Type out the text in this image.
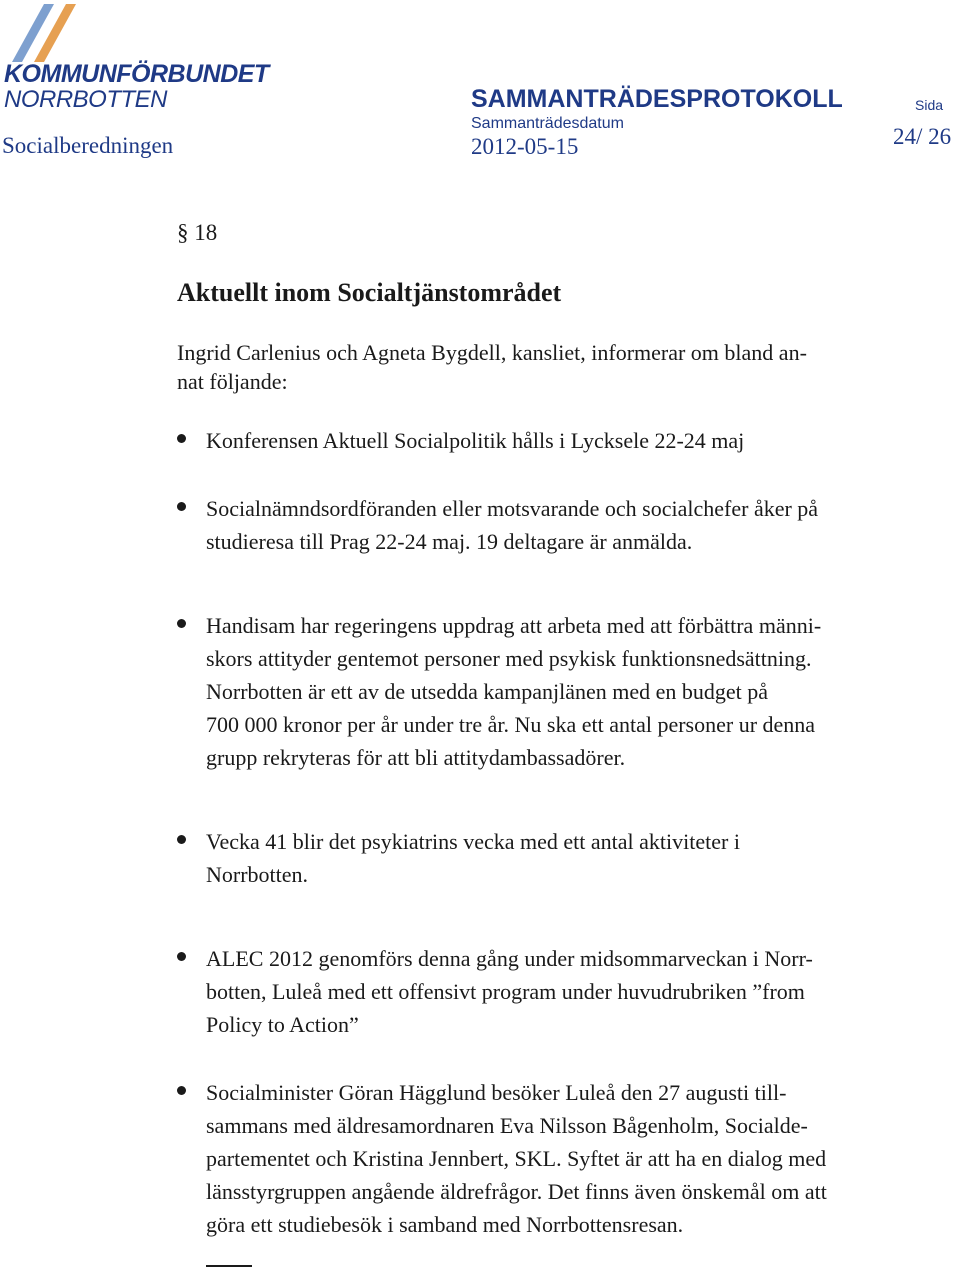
KOMMUNFÖRBUNDET
NORRBOTTEN	SAMMANTRÄDESPROTOKOLL	Sida
Sammanträdesdatum
Socialberedningen	2012-05-15	24/ 26
§ 18
Aktuellt inom Socialtjänstområdet
Ingrid Carlenius och Agneta Bygdell, kansliet, informerar om bland an-
nat följande:
Konferensen Aktuell Socialpolitik hålls i Lycksele 22-24 maj
Socialnämndsordföranden eller motsvarande och socialchefer åker på
studieresa till Prag 22-24 maj. 19 deltagare är anmälda.
Handisam har regeringens uppdrag att arbeta med att förbättra männi-
skors attityder gentemot personer med psykisk funktionsnedsättning.
Norrbotten är ett av de utsedda kampanjlänen med en budget på
700 000 kronor per år under tre år. Nu ska ett antal personer ur denna
grupp rekryteras för att bli attitydambassadörer.
Vecka 41 blir det psykiatrins vecka med ett antal aktiviteter i
Norrbotten.
ALEC 2012 genomförs denna gång under midsommarveckan i Norr-
botten, Luleå med ett offensivt program under huvudrubriken ”from
Policy to Action”
Socialminister Göran Hägglund besöker Luleå den 27 augusti till-
sammans med äldresamordnaren Eva Nilsson Bågenholm, Socialde-
partementet och Kristina Jennbert, SKL. Syftet är att ha en dialog med
länsstyrgruppen angående äldrefrågor. Det finns även önskemål om att
göra ett studiebesök i samband med Norrbottensresan.
